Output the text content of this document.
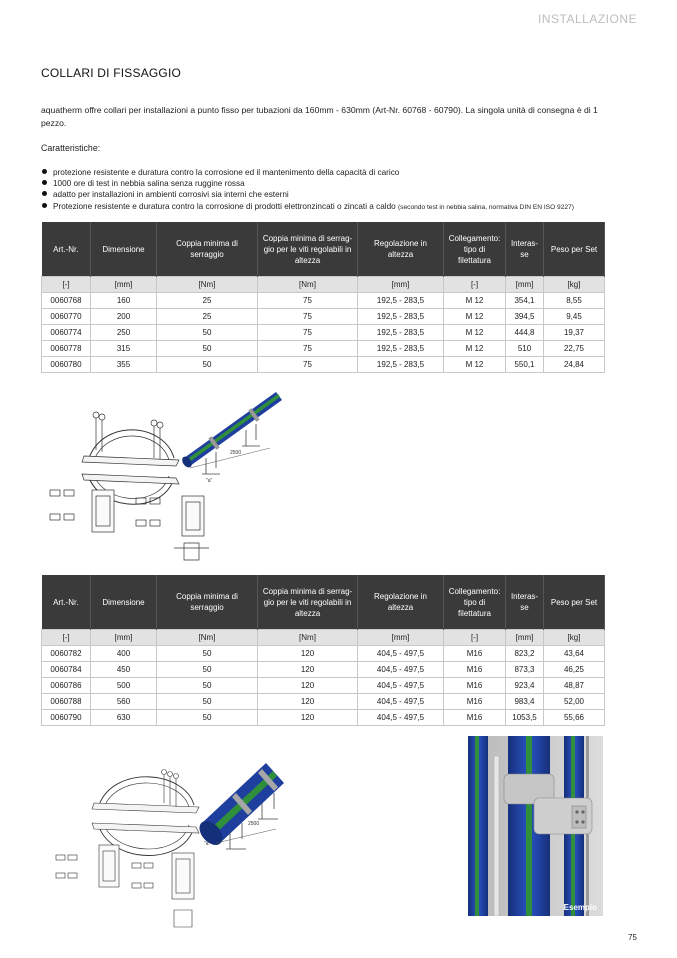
INSTALLAZIONE
COLLARI DI FISSAGGIO
aquatherm offre collari per installazioni a punto fisso per tubazioni da 160mm - 630mm (Art-Nr. 60768 - 60790). La singola unità di consegna è di 1 pezzo.
Caratteristiche:
protezione resistente e duratura contro la corrosione ed il mantenimento della capacità di carico
1000 ore di test in nebbia salina senza ruggine rossa
adatto per installazioni in ambienti corrosivi sia interni che esterni
Protezione resistente e duratura contro la corrosione di prodotti elettronzincati o zincati a caldo (secondo test in nebbia salina, normativa DIN EN ISO 9227)
Art.-Nr.	Dimensione	Coppia minima di serraggio	Coppia minima di serrag-gio per le viti regolabili in altezza	Regolazione in altezza	Collegamento: tipo di filettatura	Interas-se	Peso per Set
[-]	[mm]	[Nm]	[Nm]	[mm]	[-]	[mm]	[kg]
0060768	160	25	75	192,5 - 283,5	M 12	354,1	8,55
0060770	200	25	75	192,5 - 283,5	M 12	394,5	9,45
0060774	250	50	75	192,5 - 283,5	M 12	444,8	19,37
0060778	315	50	75	192,5 - 283,5	M 12	510	22,75
0060780	355	50	75	192,5 - 283,5	M 12	550,1	24,84
2500
"a"
Art.-Nr.	Dimensione	Coppia minima di serraggio	Coppia minima di serrag-gio per le viti regolabili in altezza	Regolazione in altezza	Collegamento: tipo di filettatura	Interas-se	Peso per Set
[-]	[mm]	[Nm]	[Nm]	[mm]	[-]	[mm]	[kg]
0060782	400	50	120	404,5 - 497,5	M16	823,2	43,64
0060784	450	50	120	404,5 - 497,5	M16	873,3	46,25
0060786	500	50	120	404,5 - 497,5	M16	923,4	48,87
0060788	560	50	120	404,5 - 497,5	M16	983,4	52,00
0060790	630	50	120	404,5 - 497,5	M16	1053,5	55,66
2500
"a"
Esempio
75
